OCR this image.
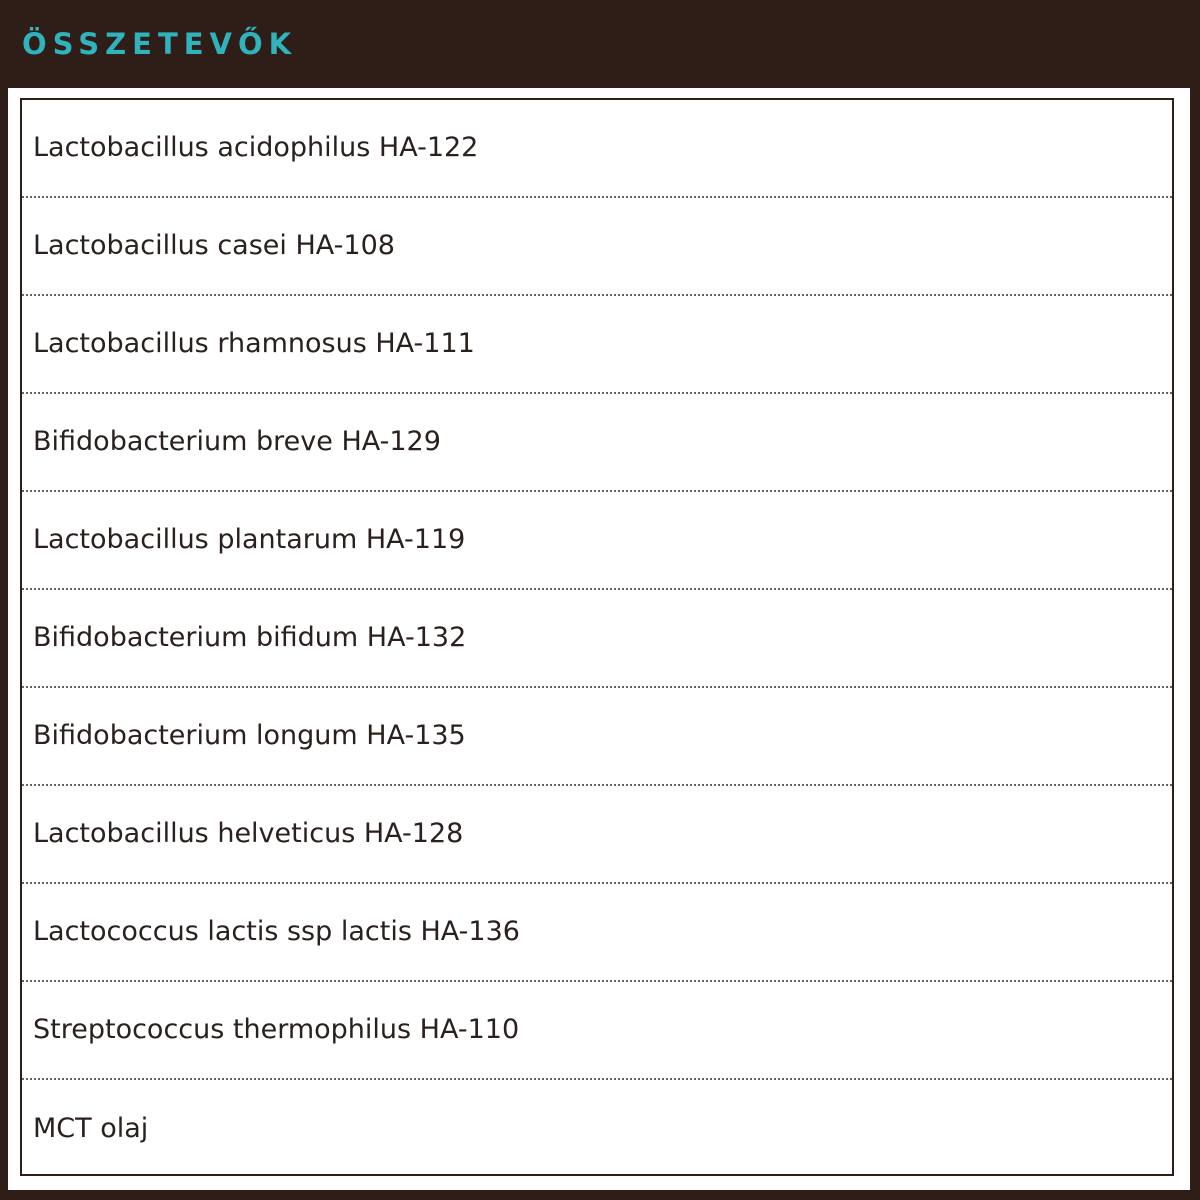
ÖSSZETEVŐK
Lactobacillus acidophilus HA-122
Lactobacillus casei HA-108
Lactobacillus rhamnosus HA-111
Bifidobacterium breve HA-129
Lactobacillus plantarum HA-119
Bifidobacterium bifidum HA-132
Bifidobacterium longum HA-135
Lactobacillus helveticus HA-128
Lactococcus lactis ssp lactis HA-136
Streptococcus thermophilus HA-110
MCT olaj
